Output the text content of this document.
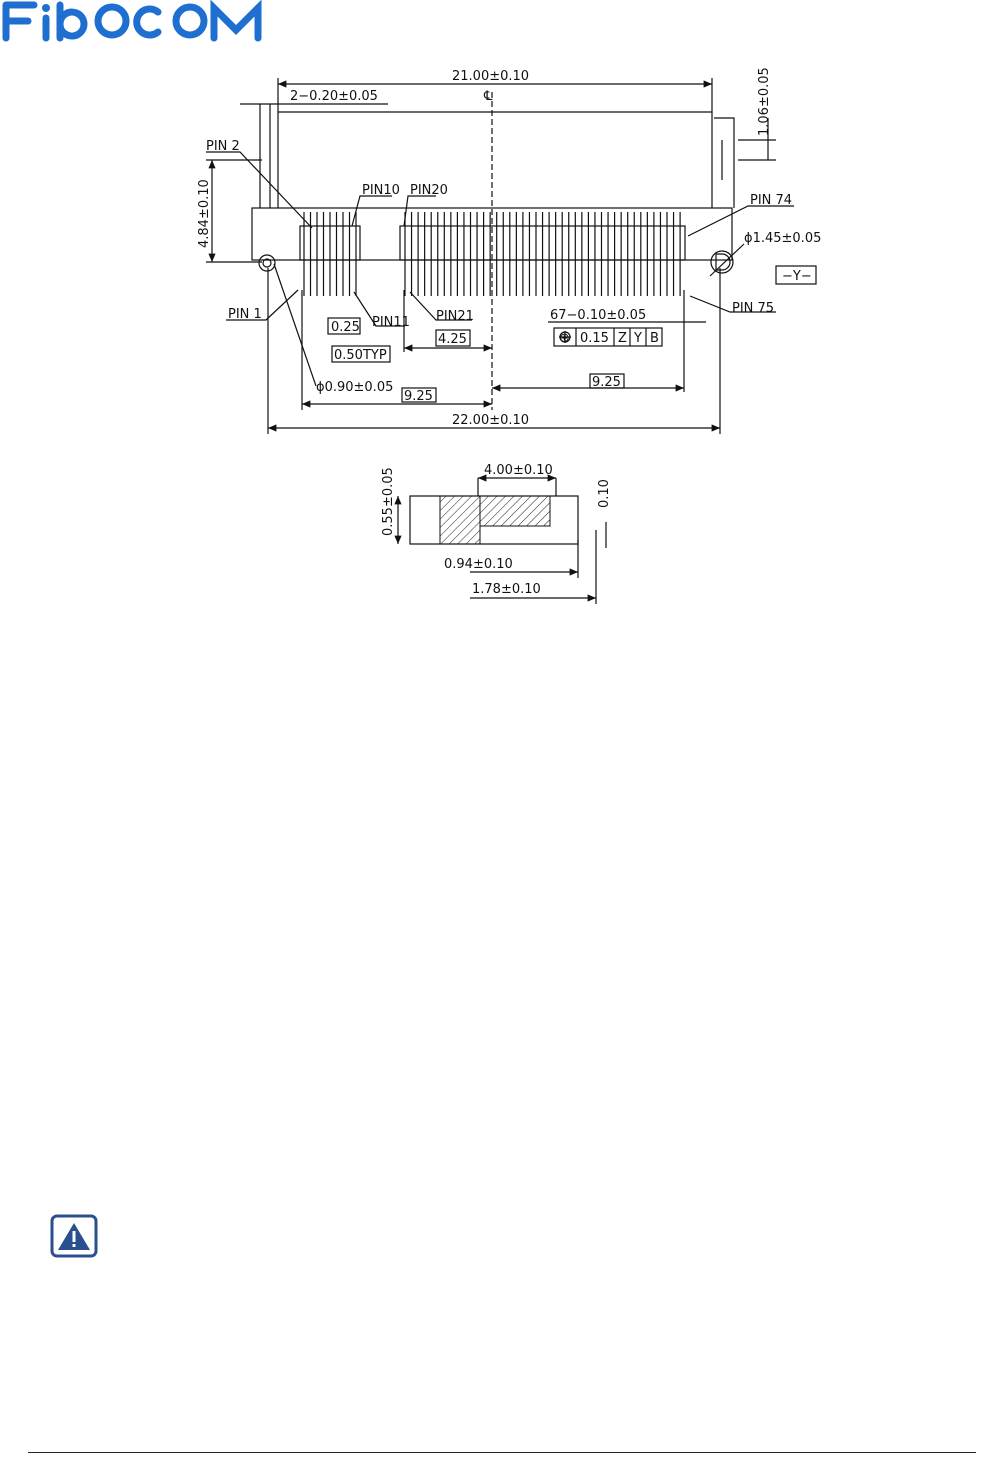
21.00±0.10
2−0.20±0.05	℄	1.06±0.05
4.84±0.10
PIN 2
PIN10 PIN20
PIN 74
ϕ1.45±0.05
−Y−
PIN 1
PIN11 PIN21
PIN 75
67−0.10±0.05
⊕ 0.15 Z Y B
0.25
0.50TYP
4.25
ϕ0.90±0.05
9.25
9.25
22.00±0.10
4.00±0.10
0.55±0.05	0.10
0.94±0.10
1.78±0.10
